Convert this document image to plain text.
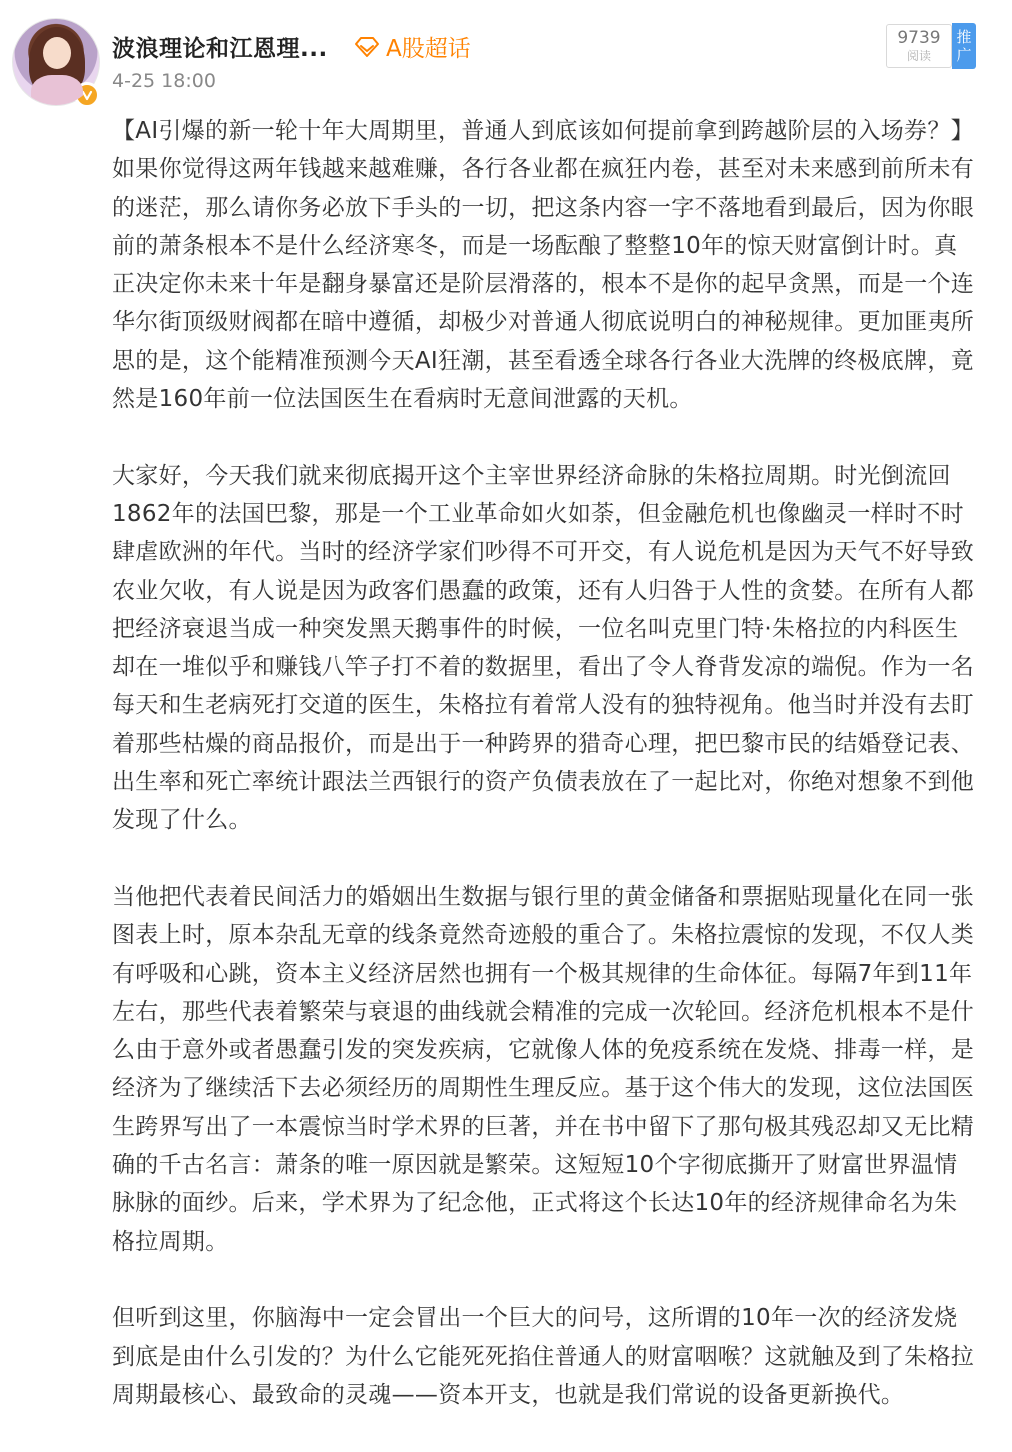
波浪理论和江恩理...	A股超话
4-25 18:00
9739
阅读
推广

【AI引爆的新一轮十年大周期里，普通人到底该如何提前拿到跨越阶层的入场券？】
如果你觉得这两年钱越来越难赚，各行各业都在疯狂内卷，甚至对未来感到前所未有的迷茫，那么请你务必放下手头的一切，把这条内容一字不落地看到最后，因为你眼前的萧条根本不是什么经济寒冬，而是一场酝酿了整整10年的惊天财富倒计时。真正决定你未来十年是翻身暴富还是阶层滑落的，根本不是你的起早贪黑，而是一个连华尔街顶级财阀都在暗中遵循，却极少对普通人彻底说明白的神秘规律。更加匪夷所思的是，这个能精准预测今天AI狂潮，甚至看透全球各行各业大洗牌的终极底牌，竟然是160年前一位法国医生在看病时无意间泄露的天机。

大家好，今天我们就来彻底揭开这个主宰世界经济命脉的朱格拉周期。时光倒流回1862年的法国巴黎，那是一个工业革命如火如荼，但金融危机也像幽灵一样时不时肆虐欧洲的年代。当时的经济学家们吵得不可开交，有人说危机是因为天气不好导致农业欠收，有人说是因为政客们愚蠢的政策，还有人归咎于人性的贪婪。在所有人都把经济衰退当成一种突发黑天鹅事件的时候，一位名叫克里门特·朱格拉的内科医生却在一堆似乎和赚钱八竿子打不着的数据里，看出了令人脊背发凉的端倪。作为一名每天和生老病死打交道的医生，朱格拉有着常人没有的独特视角。他当时并没有去盯着那些枯燥的商品报价，而是出于一种跨界的猎奇心理，把巴黎市民的结婚登记表、出生率和死亡率统计跟法兰西银行的资产负债表放在了一起比对，你绝对想象不到他发现了什么。

当他把代表着民间活力的婚姻出生数据与银行里的黄金储备和票据贴现量化在同一张图表上时，原本杂乱无章的线条竟然奇迹般的重合了。朱格拉震惊的发现，不仅人类有呼吸和心跳，资本主义经济居然也拥有一个极其规律的生命体征。每隔7年到11年左右，那些代表着繁荣与衰退的曲线就会精准的完成一次轮回。经济危机根本不是什么由于意外或者愚蠢引发的突发疾病，它就像人体的免疫系统在发烧、排毒一样，是经济为了继续活下去必须经历的周期性生理反应。基于这个伟大的发现，这位法国医生跨界写出了一本震惊当时学术界的巨著，并在书中留下了那句极其残忍却又无比精确的千古名言：萧条的唯一原因就是繁荣。这短短10个字彻底撕开了财富世界温情脉脉的面纱。后来，学术界为了纪念他，正式将这个长达10年的经济规律命名为朱格拉周期。

但听到这里，你脑海中一定会冒出一个巨大的问号，这所谓的10年一次的经济发烧到底是由什么引发的？为什么它能死死掐住普通人的财富咽喉？这就触及到了朱格拉周期最核心、最致命的灵魂——资本开支，也就是我们常说的设备更新换代。
